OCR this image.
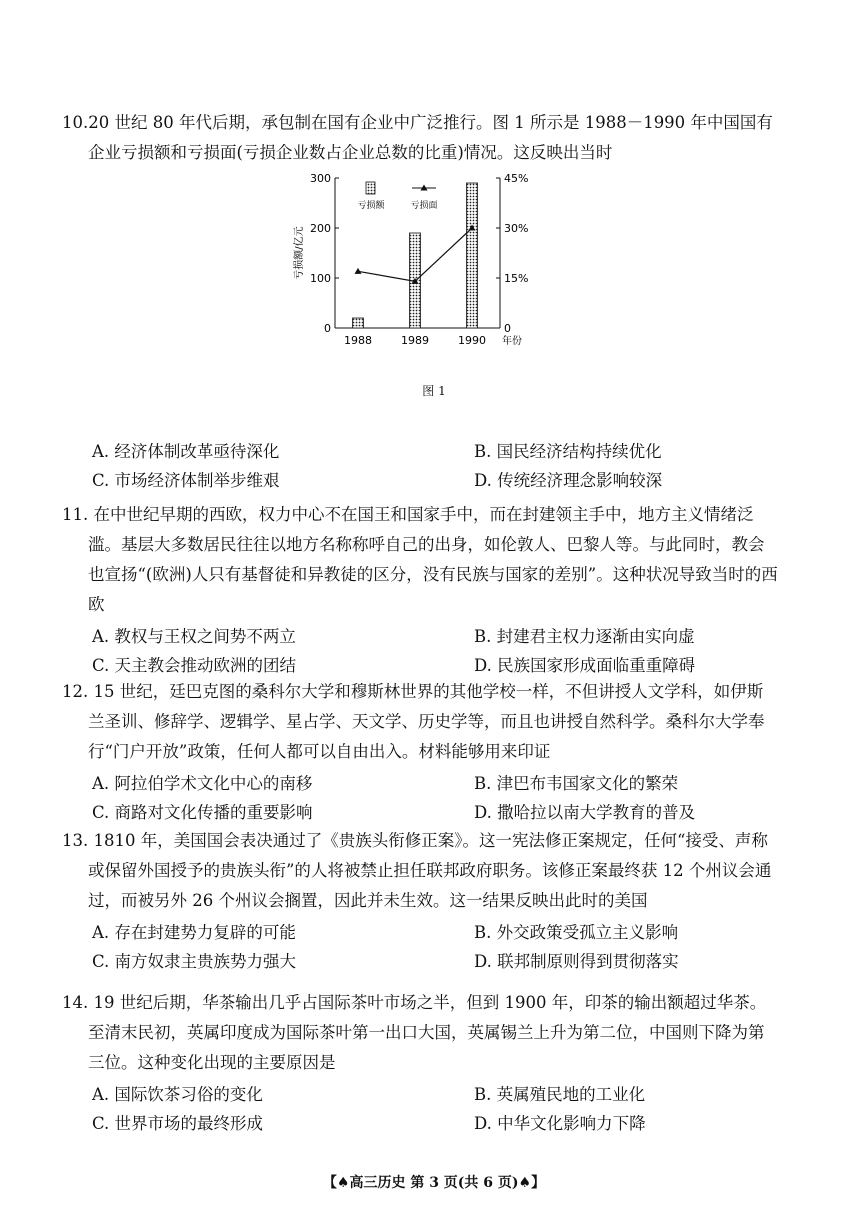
10.20 世纪 80 年代后期，承包制在国有企业中广泛推行。图 1 所示是 1988－1990 年中国国有企业亏损额和亏损面(亏损企业数占企业总数的比重)情况。这反映出当时

0
100
200
300
0
15%
30%
45%
亏损额/亿元
1988	1989	1990 年份
亏损额	亏损面
图 1
A. 经济体制改革亟待深化	B. 国民经济结构持续优化
C. 市场经济体制举步维艰	D. 传统经济理念影响较深

11. 在中世纪早期的西欧，权力中心不在国王和国家手中，而在封建领主手中，地方主义情绪泛滥。基层大多数居民往往以地方名称称呼自己的出身，如伦敦人、巴黎人等。与此同时，教会也宣扬“(欧洲)人只有基督徒和异教徒的区分，没有民族与国家的差别”。这种状况导致当时的西欧

A. 教权与王权之间势不两立	B. 封建君主权力逐渐由实向虚
C. 天主教会推动欧洲的团结	D. 民族国家形成面临重重障碍

12. 15 世纪，廷巴克图的桑科尔大学和穆斯林世界的其他学校一样，不但讲授人文学科，如伊斯兰圣训、修辞学、逻辑学、星占学、天文学、历史学等，而且也讲授自然科学。桑科尔大学奉行“门户开放”政策，任何人都可以自由出入。材料能够用来印证

A. 阿拉伯学术文化中心的南移	B. 津巴布韦国家文化的繁荣
C. 商路对文化传播的重要影响	D. 撒哈拉以南大学教育的普及

13. 1810 年，美国国会表决通过了《贵族头衔修正案》。这一宪法修正案规定，任何“接受、声称或保留外国授予的贵族头衔”的人将被禁止担任联邦政府职务。该修正案最终获 12 个州议会通过，而被另外 26 个州议会搁置，因此并未生效。这一结果反映出此时的美国

A. 存在封建势力复辟的可能	B. 外交政策受孤立主义影响
C. 南方奴隶主贵族势力强大	D. 联邦制原则得到贯彻落实

14. 19 世纪后期，华茶输出几乎占国际茶叶市场之半，但到 1900 年，印茶的输出额超过华茶。至清末民初，英属印度成为国际茶叶第一出口大国，英属锡兰上升为第二位，中国则下降为第三位。这种变化出现的主要原因是

A. 国际饮茶习俗的变化	B. 英属殖民地的工业化
C. 世界市场的最终形成	D. 中华文化影响力下降
【♠高三历史 第 3 页(共 6 页)♠】
